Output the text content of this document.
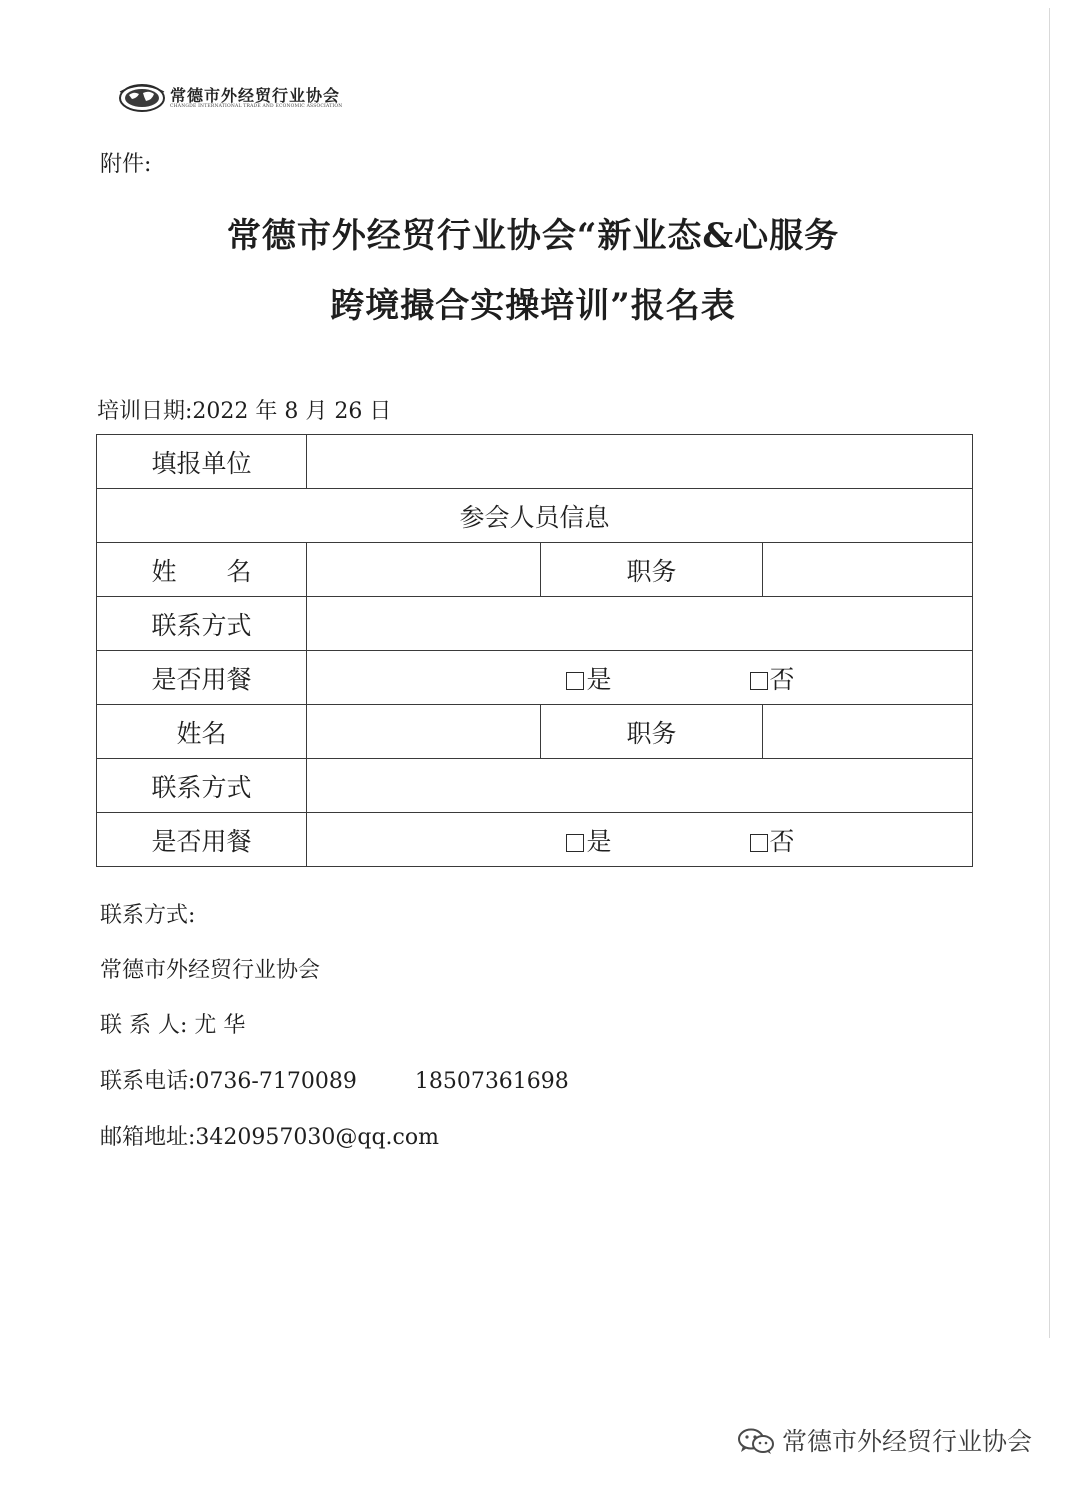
常德市外经贸行业协会
CHANGDE INTERNATIONAL TRADE AND ECONOMIC ASSOCIATION
附件:
常德市外经贸行业协会“新业态&心服务
跨境撮合实操培训”报名表
培训日期:2022 年 8 月 26 日
填报单位			
参会人员信息			
姓　　名		职务	
联系方式			
是否用餐	是 否		
姓名		职务	
联系方式			
是否用餐	是 否		
联系方式:
常德市外经贸行业协会
联 系 人: 尤 华
联系电话:0736-7170089	18507361698
邮箱地址:3420957030@qq.com
常德市外经贸行业协会
